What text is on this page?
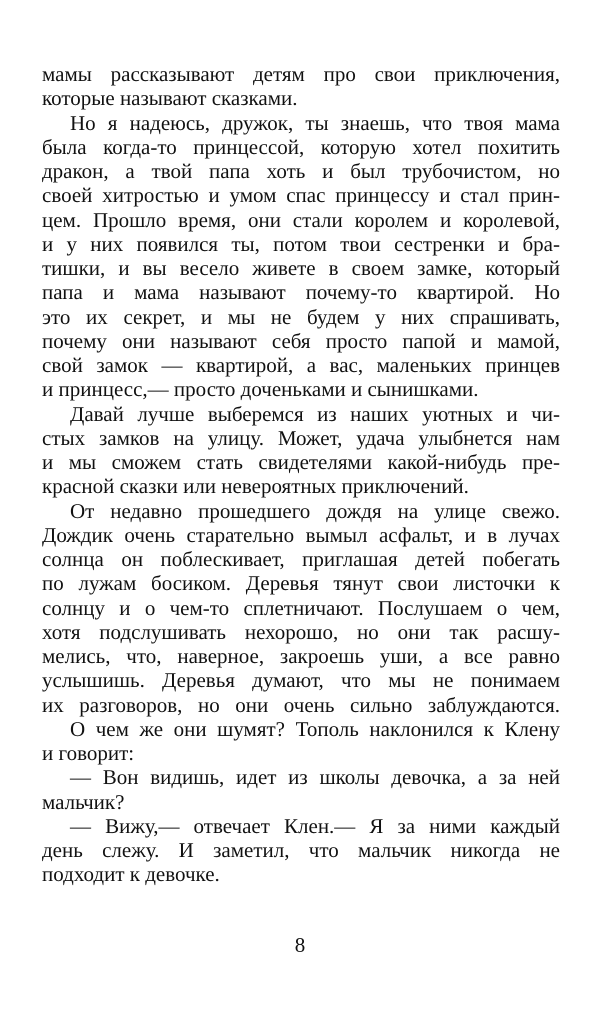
мамы рассказывают детям про свои приключения,
которые называют сказками.
Но я надеюсь, дружок, ты знаешь, что твоя мама
была когда-то принцессой, которую хотел похитить
дракон, а твой папа хоть и был трубочистом, но
своей хитростью и умом спас принцессу и стал прин-
цем. Прошло время, они стали королем и королевой,
и у них появился ты, потом твои сестренки и бра-
тишки, и вы весело живете в своем замке, который
папа и мама называют почему-то квартирой. Но
это их секрет, и мы не будем у них спрашивать,
почему они называют себя просто папой и мамой,
свой замок — квартирой, а вас, маленьких принцев
и принцесс,— просто доченьками и сынишками.
Давай лучше выберемся из наших уютных и чи-
стых замков на улицу. Может, удача улыбнется нам
и мы сможем стать свидетелями какой-нибудь пре-
красной сказки или невероятных приключений.
От недавно прошедшего дождя на улице свежо.
Дождик очень старательно вымыл асфальт, и в лучах
солнца он поблескивает, приглашая детей побегать
по лужам босиком. Деревья тянут свои листочки к
солнцу и о чем-то сплетничают. Послушаем о чем,
хотя подслушивать нехорошо, но они так расшу-
мелись, что, наверное, закроешь уши, а все равно
услышишь. Деревья думают, что мы не понимаем
их разговоров, но они очень сильно заблуждаются.
О чем же они шумят? Тополь наклонился к Клену
и говорит:
— Вон видишь, идет из школы девочка, а за ней
мальчик?
— Вижу,— отвечает Клен.— Я за ними каждый
день слежу. И заметил, что мальчик никогда не
подходит к девочке.
8
